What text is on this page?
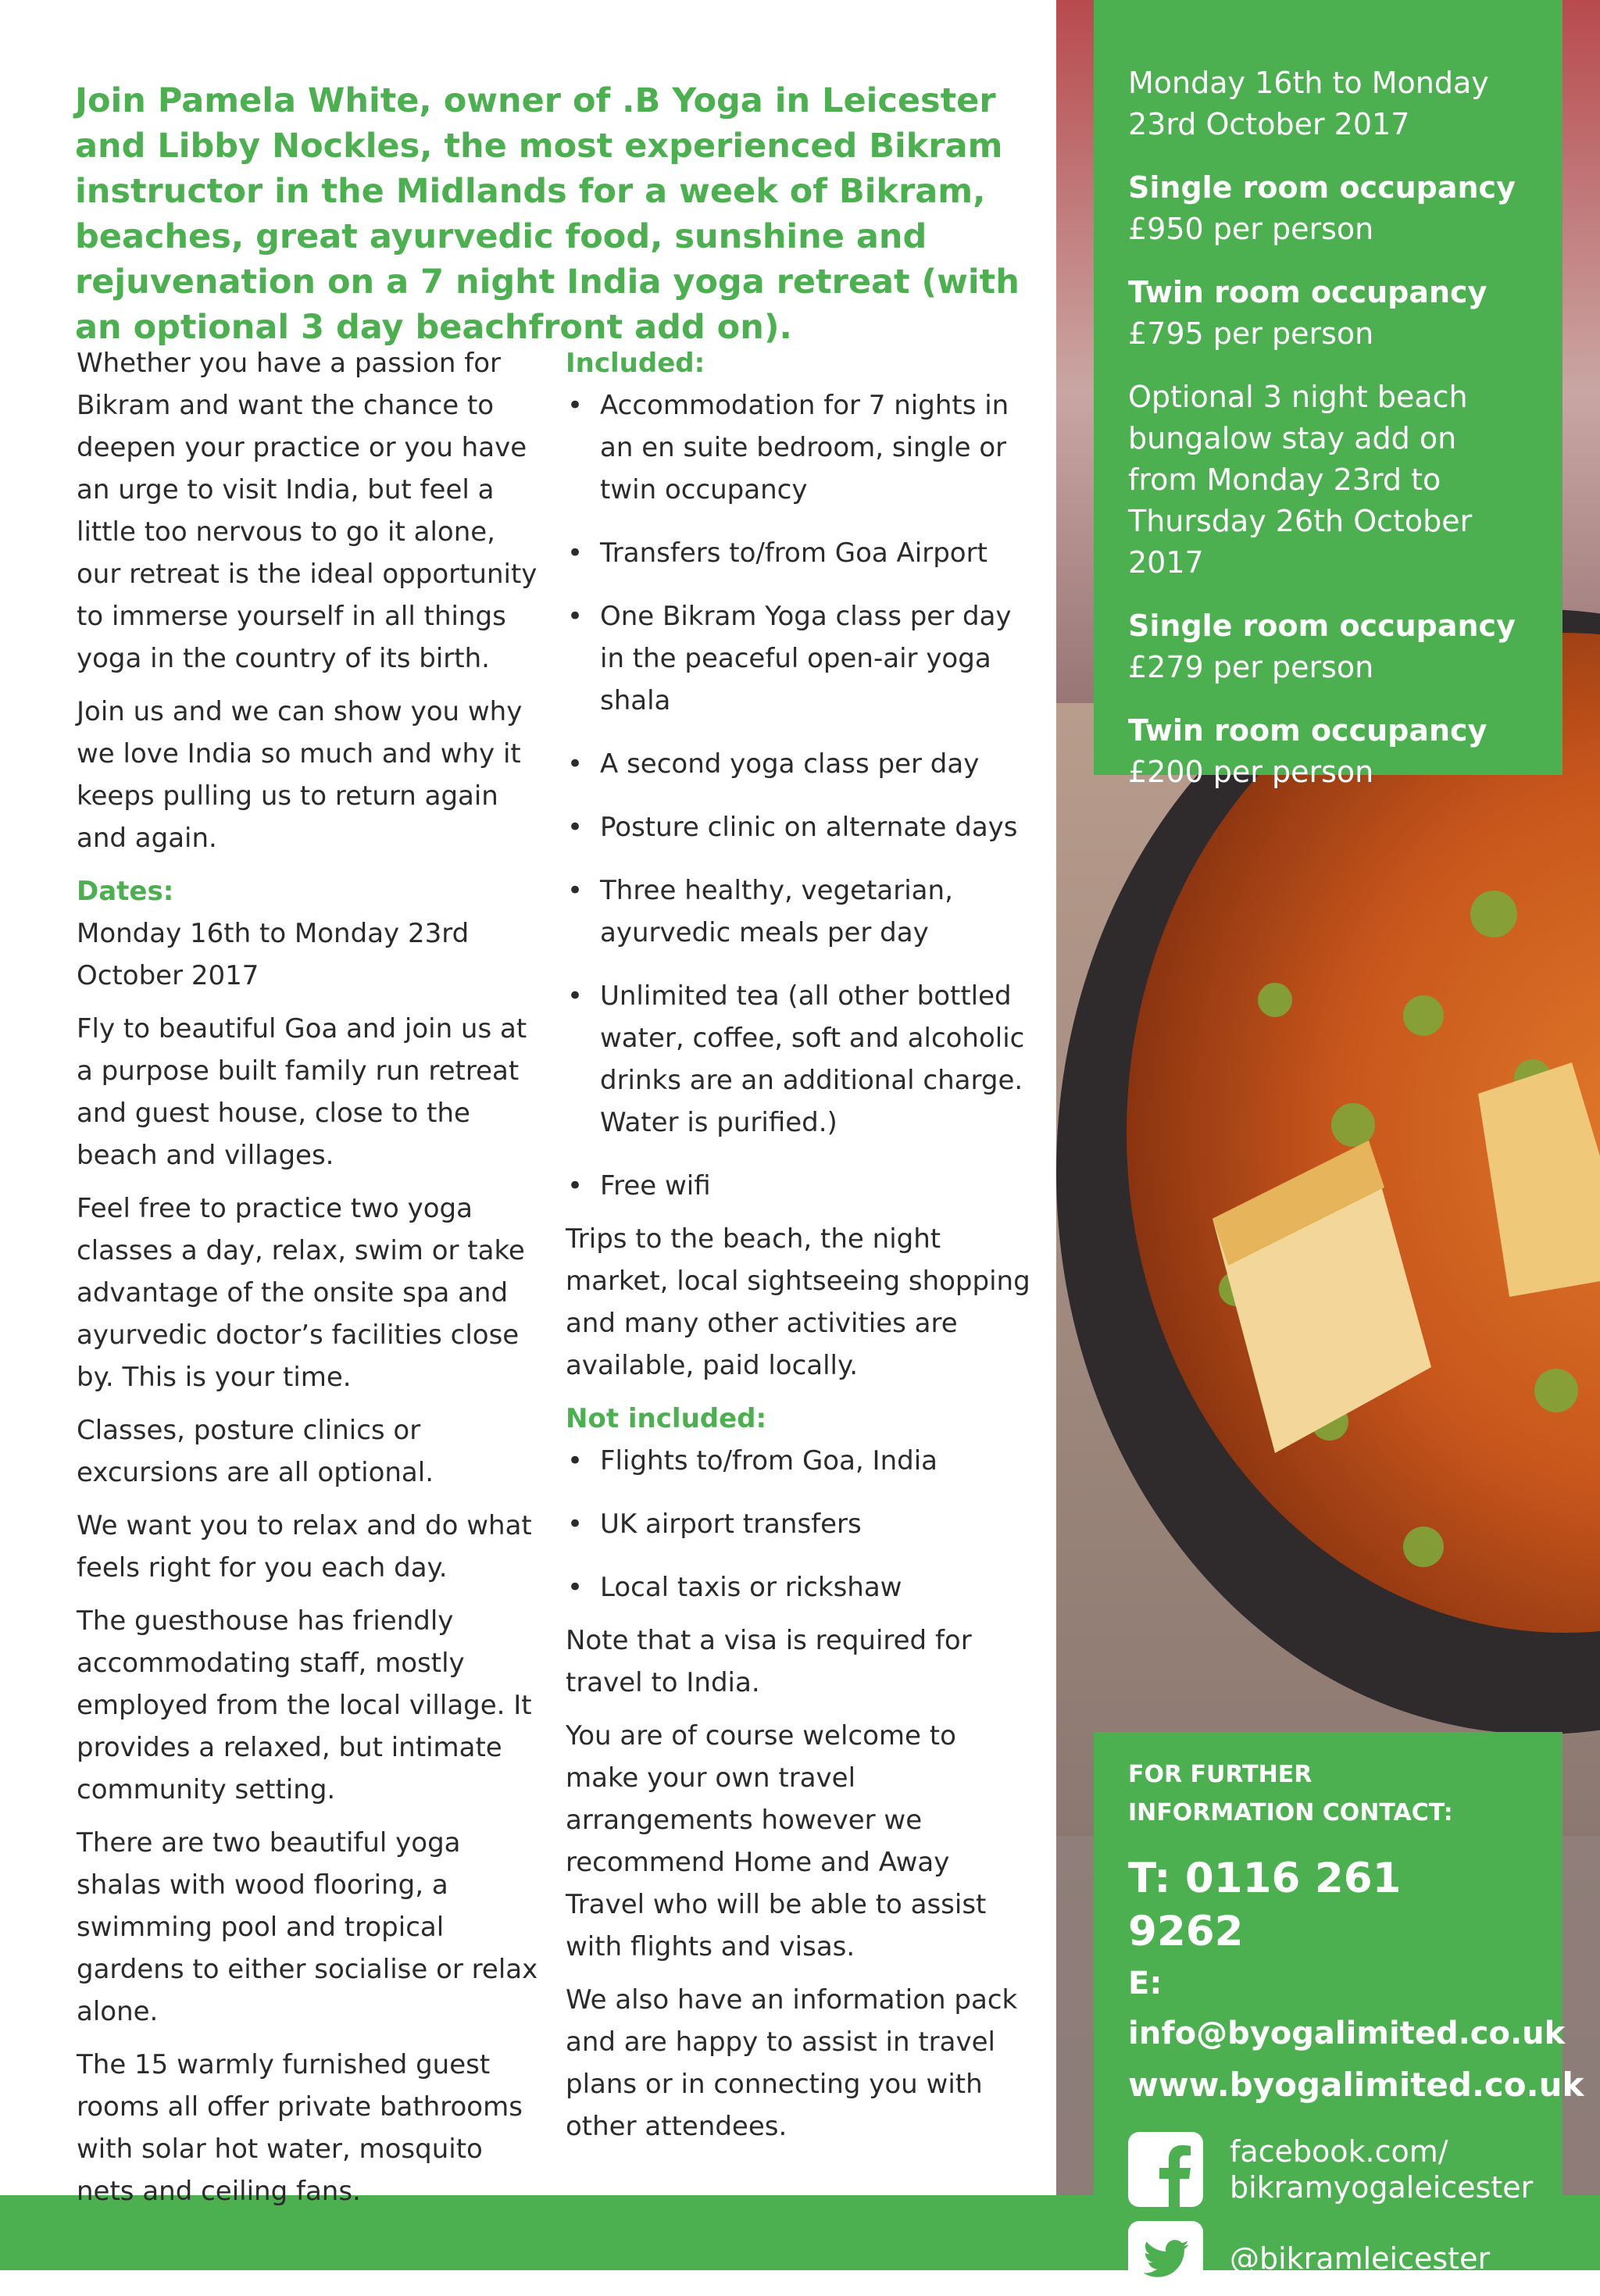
Join Pamela White, owner of .B Yoga in Leicester and Libby Nockles, the most experienced Bikram instructor in the Midlands for a week of Bikram, beaches, great ayurvedic food, sunshine and rejuvenation on a 7 night India yoga retreat (with an optional 3 day beachfront add on).

Whether you have a passion for Bikram and want the chance to deepen your practice or you have an urge to visit India, but feel a little too nervous to go it alone, our retreat is the ideal opportunity to immerse yourself in all things yoga in the country of its birth.

Join us and we can show you why we love India so much and why it keeps pulling us to return again and again.

Dates:

Monday 16th to Monday 23rd October 2017

Fly to beautiful Goa and join us at a purpose built family run retreat and guest house, close to the beach and villages.

Feel free to practice two yoga classes a day, relax, swim or take advantage of the onsite spa and ayurvedic doctor’s facilities close by. This is your time.

Classes, posture clinics or excursions are all optional.

We want you to relax and do what feels right for you each day.

The guesthouse has friendly accommodating staff, mostly employed from the local village. It provides a relaxed, but intimate community setting.

There are two beautiful yoga shalas with wood flooring, a swimming pool and tropical gardens to either socialise or relax alone.

The 15 warmly furnished guest rooms all offer private bathrooms with solar hot water, mosquito nets and ceiling fans.

Included:

• Accommodation for 7 nights in an en suite bedroom, single or twin occupancy
• Transfers to/from Goa Airport
• One Bikram Yoga class per day in the peaceful open-air yoga shala
• A second yoga class per day
• Posture clinic on alternate days
• Three healthy, vegetarian, ayurvedic meals per day
• Unlimited tea (all other bottled water, coffee, soft and alcoholic drinks are an additional charge. Water is purified.)
• Free wifi

Trips to the beach, the night market, local sightseeing shopping and many other activities are available, paid locally.

Not included:

• Flights to/from Goa, India
• UK airport transfers
• Local taxis or rickshaw

Note that a visa is required for travel to India.

You are of course welcome to make your own travel arrangements however we recommend Home and Away Travel who will be able to assist with flights and visas.

We also have an information pack and are happy to assist in travel plans or in connecting you with other attendees.

Monday 16th to Monday 23rd October 2017

Single room occupancy
£950 per person

Twin room occupancy
£795 per person

Optional 3 night beach bungalow stay add on from Monday 23rd to Thursday 26th October 2017

Single room occupancy
£279 per person

Twin room occupancy
£200 per person

FOR FURTHER INFORMATION CONTACT:

T: 0116 261 9262

E: info@byogalimited.co.uk

www.byogalimited.co.uk

facebook.com/ bikramyogaleicester
@bikramleicester
